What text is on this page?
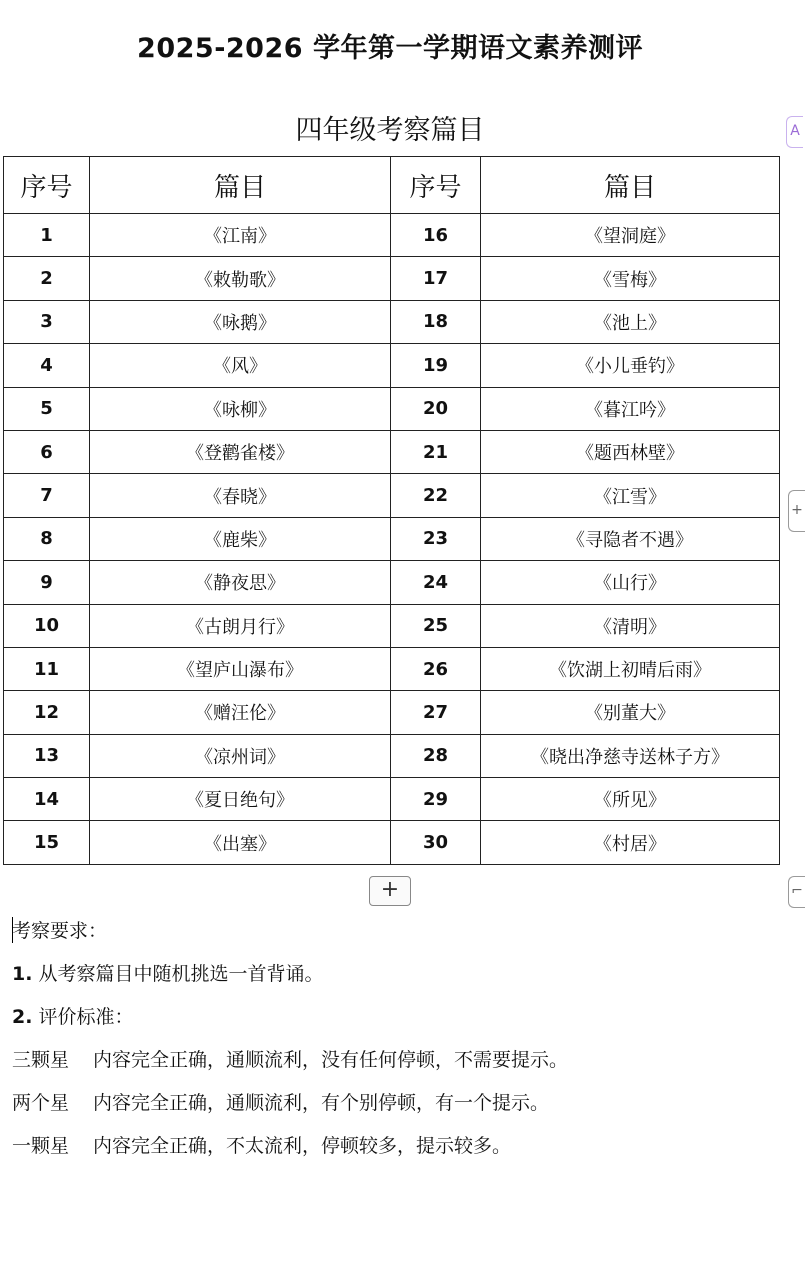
2025-2026 学年第一学期语文素养测评
四年级考察篇目	A
+
⌐
序号	篇目	序号	篇目
1	《江南》	16	《望洞庭》
2	《敕勒歌》	17	《雪梅》
3	《咏鹅》	18	《池上》
4	《风》	19	《小儿垂钓》
5	《咏柳》	20	《暮江吟》
6	《登鹳雀楼》	21	《题西林壁》
7	《春晓》	22	《江雪》
8	《鹿柴》	23	《寻隐者不遇》
9	《静夜思》	24	《山行》
10	《古朗月行》	25	《清明》
11	《望庐山瀑布》	26	《饮湖上初晴后雨》
12	《赠汪伦》	27	《别董大》
13	《凉州词》	28	《晓出净慈寺送林子方》
14	《夏日绝句》	29	《所见》
15	《出塞》	30	《村居》
+
考察要求：
1. 从考察篇目中随机挑选一首背诵。
2. 评价标准：
三颗星 内容完全正确，通顺流利，没有任何停顿，不需要提示。
两个星 内容完全正确，通顺流利，有个别停顿，有一个提示。
一颗星 内容完全正确，不太流利，停顿较多，提示较多。
